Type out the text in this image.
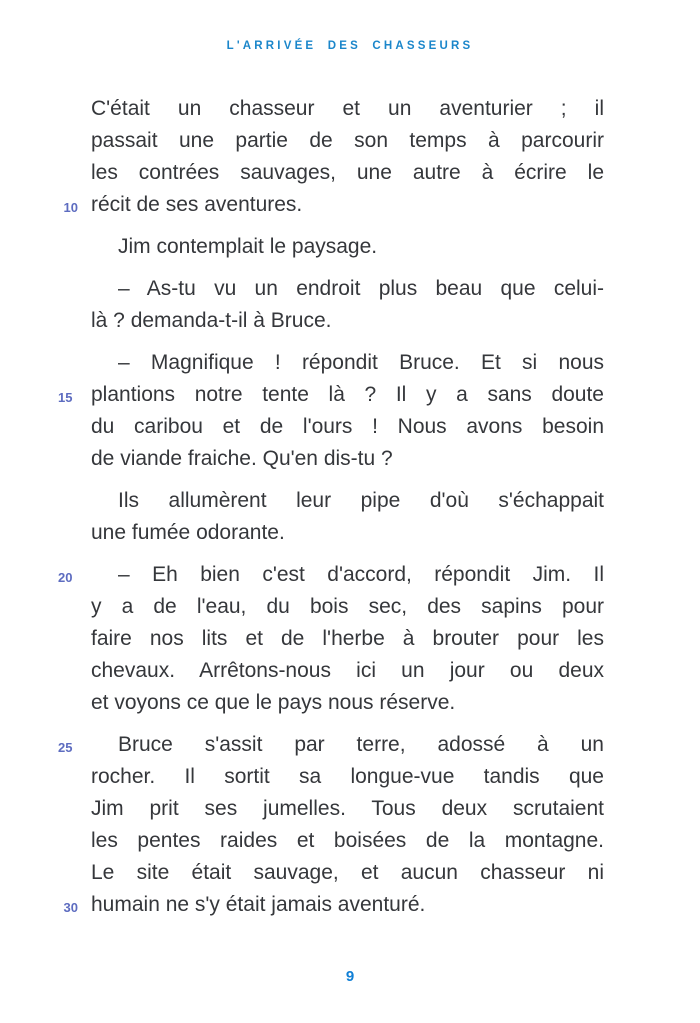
L'ARRIVÉE DES CHASSEURS
C'était un chasseur et un aventurier ; il
passait une partie de son temps à parcourir
les contrées sauvages, une autre à écrire le
10 récit de ses aventures.
Jim contemplait le paysage.
– As-tu vu un endroit plus beau que celui-
là ? demanda-t-il à Bruce.
– Magnifique ! répondit Bruce. Et si nous
15 plantions notre tente là ? Il y a sans doute
du caribou et de l'ours ! Nous avons besoin
de viande fraiche. Qu'en dis-tu ?
Ils allumèrent leur pipe d'où s'échappait
une fumée odorante.
20 – Eh bien c'est d'accord, répondit Jim. Il
y a de l'eau, du bois sec, des sapins pour
faire nos lits et de l'herbe à brouter pour les
chevaux. Arrêtons-nous ici un jour ou deux
et voyons ce que le pays nous réserve.
25 Bruce s'assit par terre, adossé à un
rocher. Il sortit sa longue-vue tandis que
Jim prit ses jumelles. Tous deux scrutaient
les pentes raides et boisées de la montagne.
Le site était sauvage, et aucun chasseur ni
30 humain ne s'y était jamais aventuré.
9
